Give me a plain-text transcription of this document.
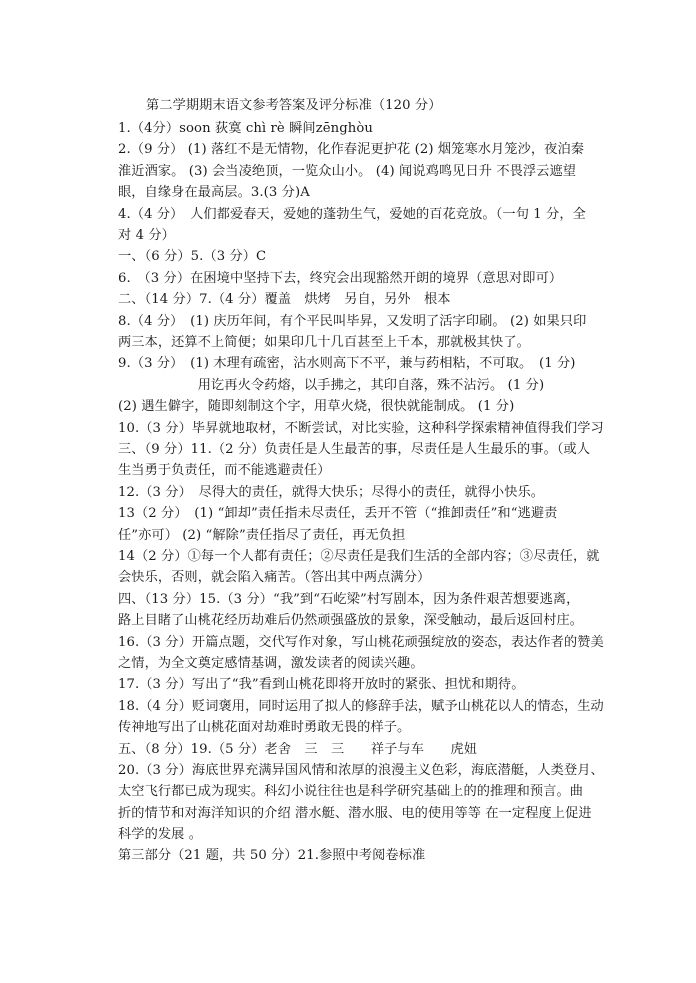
第二学期期末语文参考答案及评分标准（120 分）
1.（4分）soon 荻寞 chì rè 瞬间zēnghòu
2.（9 分） (1) 落红不是无情物，化作春泥更护花 (2) 烟笼寒水月笼沙，夜泊秦
淮近酒家。 (3) 会当凌绝顶，一览众山小。 (4) 闻说鸡鸣见日升 不畏浮云遮望
眼，自缘身在最高层。3.(3 分)A
4.（4 分）　人们都爱春天，爱她的蓬勃生气，爱她的百花竞放。（一句 1 分，全
对 4 分）
一、（6 分）5.（3 分）C
6.　（3 分）在困境中坚持下去，终究会出现豁然开朗的境界（意思对即可）
二、（14 分）7.（4 分）覆盖　烘烤　另自，另外　根本
8.（4 分）　(1) 庆历年间，有个平民叫毕昇，又发明了活字印刷。 (2) 如果只印
两三本，还算不上简便；如果印几十几百甚至上千本，那就极其快了。
9.（3 分）　(1) 木理有疏密，沾水则高下不平，兼与药相粘，不可取。　(1 分)
　　　　　　用讫再火令药熔，以手拂之，其印自落，殊不沾污。 (1 分)
(2) 遇生僻字，随即刻制这个字，用草火烧，很快就能制成。 (1 分)
10.（3 分）毕昇就地取材，不断尝试，对比实验，这种科学探索精神值得我们学习
三、（9 分）11.（2 分）负责任是人生最苦的事，尽责任是人生最乐的事。（或人
生当勇于负责任，而不能逃避责任）
12.（3 分）　尽得大的责任，就得大快乐；尽得小的责任，就得小快乐。
13（2 分）　(1) “卸却”责任指未尽责任，丢开不管（“推卸责任”和“逃避责
任”亦可） (2) “解除”责任指尽了责任，再无负担
14（2 分）①每一个人都有责任；②尽责任是我们生活的全部内容；③尽责任，就
会快乐，否则，就会陷入痛苦。（答出其中两点满分）
四、（13 分）15.（3 分）“我”到“石屹梁”村写剧本，因为条件艰苦想要逃离，
路上目睹了山桃花经历劫难后仍然顽强盛放的景象，深受触动，最后返回村庄。
16.（3 分）开篇点题，交代写作对象，写山桃花顽强绽放的姿态，表达作者的赞美
之情，为全文奠定感情基调，激发读者的阅读兴趣。
17.（3 分）写出了“我”看到山桃花即将开放时的紧张、担忧和期待。
18.（4 分）贬词褒用，同时运用了拟人的修辞手法，赋予山桃花以人的情态，生动
传神地写出了山桃花面对劫难时勇敢无畏的样子。
五、（8 分）19.（5 分）老舍　三　三　　祥子与车　　虎妞
20.（3 分）海底世界充满异国风情和浓厚的浪漫主义色彩，海底潜艇，人类登月、
太空飞行都已成为现实。科幻小说往往也是科学研究基础上的的推理和预言。曲
折的情节和对海洋知识的介绍 潜水艇、潜水服、电的使用等等 在一定程度上促进
科学的发展 。
第三部分（21 题，共 50 分）21.参照中考阅卷标准
